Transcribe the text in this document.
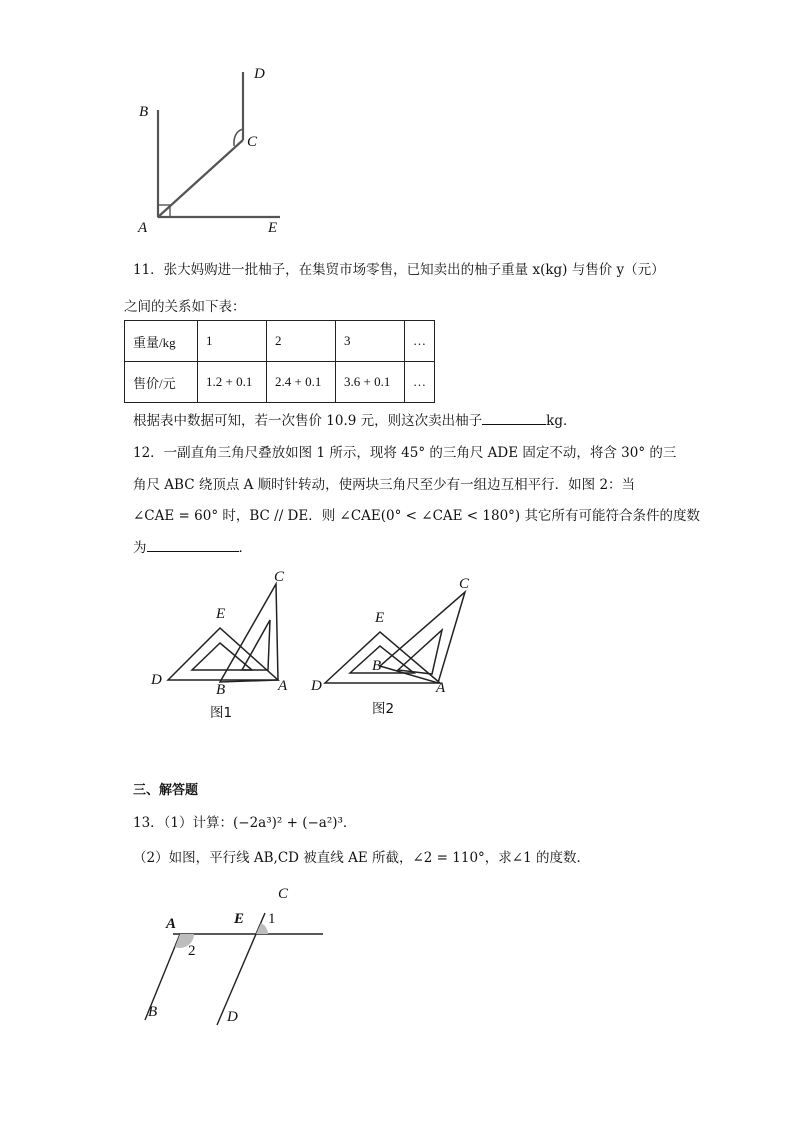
B
D
C
A	E
11．张大妈购进一批柚子，在集贸市场零售，已知卖出的柚子重量 x(kg) 与售价 y（元）
之间的关系如下表：
重量/kg	1	2	3	…
售价/元	1.2 + 0.1	2.4 + 0.1	3.6 + 0.1	…
根据表中数据可知，若一次售价 10.9 元，则这次卖出柚子	kg．
12．一副直角三角尺叠放如图 1 所示，现将 45° 的三角尺 ADE 固定不动，将含 30° 的三
角尺 ABC 绕顶点 A 顺时针转动，使两块三角尺至少有一组边互相平行．如图 2：当
∠CAE = 60° 时，BC // DE．则 ∠CAE(0° < ∠CAE < 180°) 其它所有可能符合条件的度数
为	．
E
C
D
B	A
图1
E
C
D
B
A
图2
三、解答题
13．（1）计算：(−2a³)² + (−a²)³．
（2）如图，平行线 AB,CD 被直线 AE 所截，∠2 = 110°，求∠1 的度数．
A	E
C
1
2
B	D
